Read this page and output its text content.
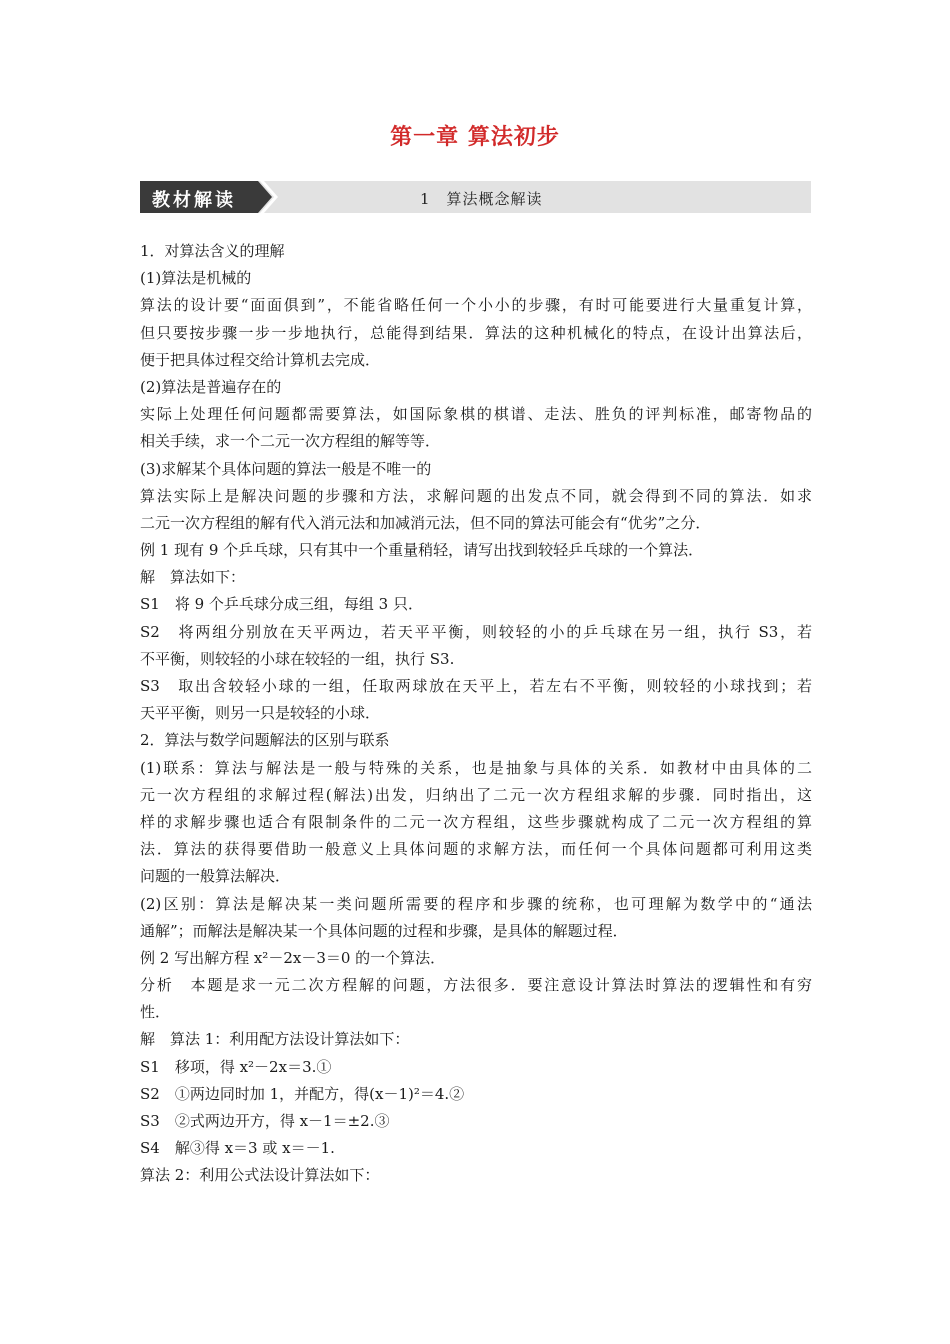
第一章 算法初步
教材解读	1　算法概念解读
1．对算法含义的理解
(1)算法是机械的
算法的设计要“面面俱到”，不能省略任何一个小小的步骤，有时可能要进行大量重复计算，
但只要按步骤一步一步地执行，总能得到结果．算法的这种机械化的特点，在设计出算法后，
便于把具体过程交给计算机去完成．
(2)算法是普遍存在的
实际上处理任何问题都需要算法，如国际象棋的棋谱、走法、胜负的评判标准，邮寄物品的
相关手续，求一个二元一次方程组的解等等．
(3)求解某个具体问题的算法一般是不唯一的
算法实际上是解决问题的步骤和方法，求解问题的出发点不同，就会得到不同的算法．如求
二元一次方程组的解有代入消元法和加减消元法，但不同的算法可能会有“优劣”之分．
例 1 现有 9 个乒乓球，只有其中一个重量稍轻，请写出找到较轻乒乓球的一个算法．
解　算法如下：
S1　将 9 个乒乓球分成三组，每组 3 只．
S2　将两组分别放在天平两边，若天平平衡，则较轻的小的乒乓球在另一组，执行 S3，若
不平衡，则较轻的小球在较轻的一组，执行 S3.
S3　取出含较轻小球的一组，任取两球放在天平上，若左右不平衡，则较轻的小球找到；若
天平平衡，则另一只是较轻的小球．
2．算法与数学问题解法的区别与联系
(1)联系：算法与解法是一般与特殊的关系，也是抽象与具体的关系．如教材中由具体的二
元一次方程组的求解过程(解法)出发，归纳出了二元一次方程组求解的步骤．同时指出，这
样的求解步骤也适合有限制条件的二元一次方程组，这些步骤就构成了二元一次方程组的算
法．算法的获得要借助一般意义上具体问题的求解方法，而任何一个具体问题都可利用这类
问题的一般算法解决．
(2)区别：算法是解决某一类问题所需要的程序和步骤的统称，也可理解为数学中的“通法
通解”；而解法是解决某一个具体问题的过程和步骤，是具体的解题过程．
例 2 写出解方程 x²－2x－3＝0 的一个算法．
分析　本题是求一元二次方程解的问题，方法很多．要注意设计算法时算法的逻辑性和有穷
性．
解　算法 1：利用配方法设计算法如下：
S1　移项，得 x²－2x＝3.①
S2　①两边同时加 1，并配方，得(x－1)²＝4.②
S3　②式两边开方，得 x－1＝±2.③
S4　解③得 x＝3 或 x＝－1.
算法 2：利用公式法设计算法如下：
